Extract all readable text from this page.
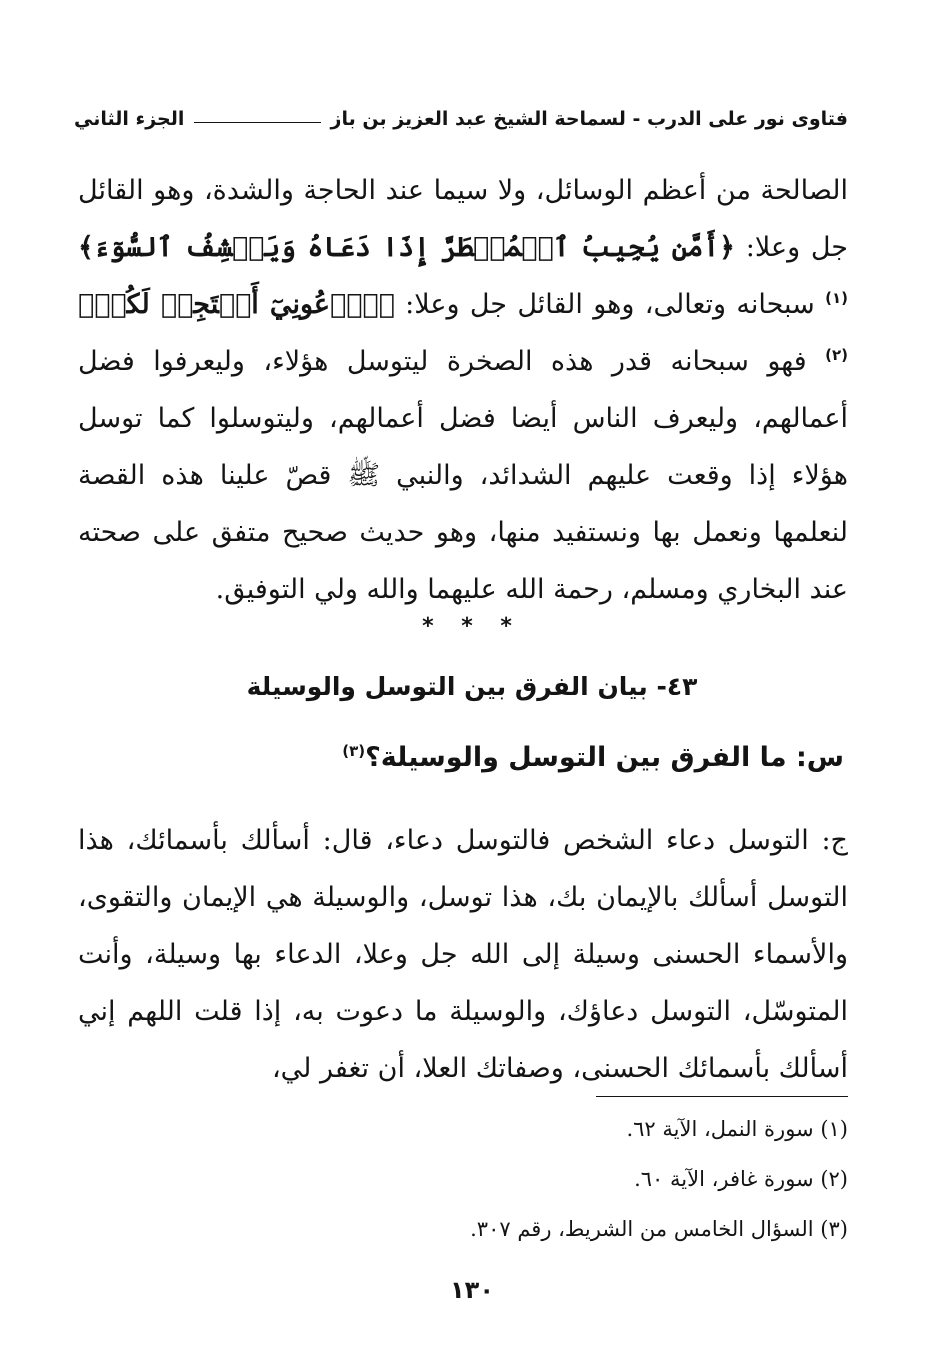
فتاوى نور على الدرب - لسماحة الشيخ عبد العزيز بن باز
الجزء الثاني
الصالحة من أعظم الوسائل، ولا سيما عند الحاجة والشدة، وهو القائل جل وعلا: ﴿أَمَّن يُجِيبُ ٱلۡمُضۡطَرَّ إِذَا دَعَاهُ وَيَكۡشِفُ ٱلسُّوٓءَ﴾$^{(١)}$ سبحانه وتعالى، وهو القائل جل وعلا: ﴿ٱدۡعُونِيٓ أَسۡتَجِبۡ لَكُمۡ﴾$^{(٢)}$ فهو سبحانه قدر هذه الصخرة ليتوسل هؤلاء، وليعرفوا فضل أعمالهم، وليعرف الناس أيضا فضل أعمالهم، وليتوسلوا كما توسل هؤلاء إذا وقعت عليهم الشدائد، والنبي ﷺ قصّ علينا هذه القصة لنعلمها ونعمل بها ونستفيد منها، وهو حديث صحيح متفق على صحته عند البخاري ومسلم، رحمة الله عليهما والله ولي التوفيق.
* * *
٤٣- بيان الفرق بين التوسل والوسيلة
س: ما الفرق بين التوسل والوسيلة؟$^{(٣)}$
ج: التوسل دعاء الشخص فالتوسل دعاء، قال: أسألك بأسمائك، هذا التوسل أسألك بالإيمان بك، هذا توسل، والوسيلة هي الإيمان والتقوى، والأسماء الحسنى وسيلة إلى الله جل وعلا، الدعاء بها وسيلة، وأنت المتوسّل، التوسل دعاؤك، والوسيلة ما دعوت به، إذا قلت اللهم إني أسألك بأسمائك الحسنى، وصفاتك العلا، أن تغفر لي،
(١) سورة النمل، الآية ٦٢.
(٢) سورة غافر، الآية ٦٠.
(٣) السؤال الخامس من الشريط، رقم ٣٠٧.
١٣٠
